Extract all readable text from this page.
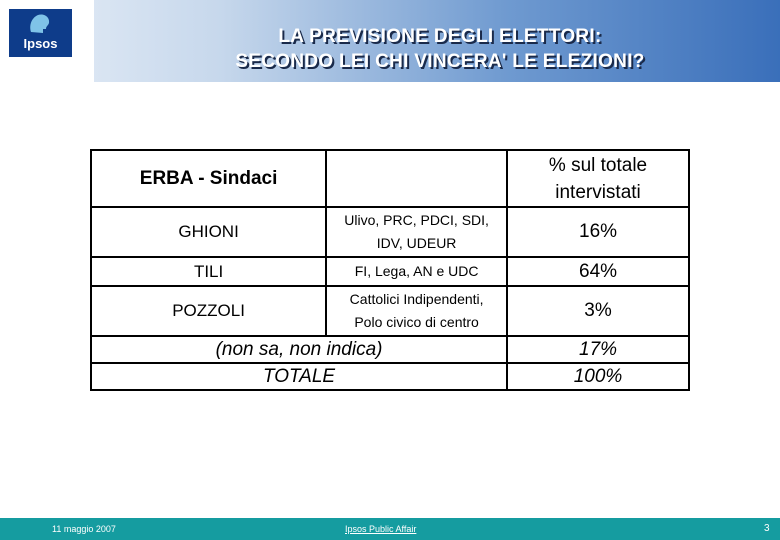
Ipsos	LA PREVISIONE DEGLI ELETTORI:
SECONDO LEI CHI VINCERA' LE ELEZIONI?
ERBA - Sindaci		% sul totale
intervistati

GHIONI	Ulivo, PRC, PDCI, SDI,
IDV, UDEUR	16%
TILI	FI, Lega, AN e UDC	64%
POZZOLI	Cattolici Indipendenti,
Polo civico di centro	3%
(non sa, non indica)		17%
TOTALE		100%
11 maggio 2007	Ipsos Public Affair	3
